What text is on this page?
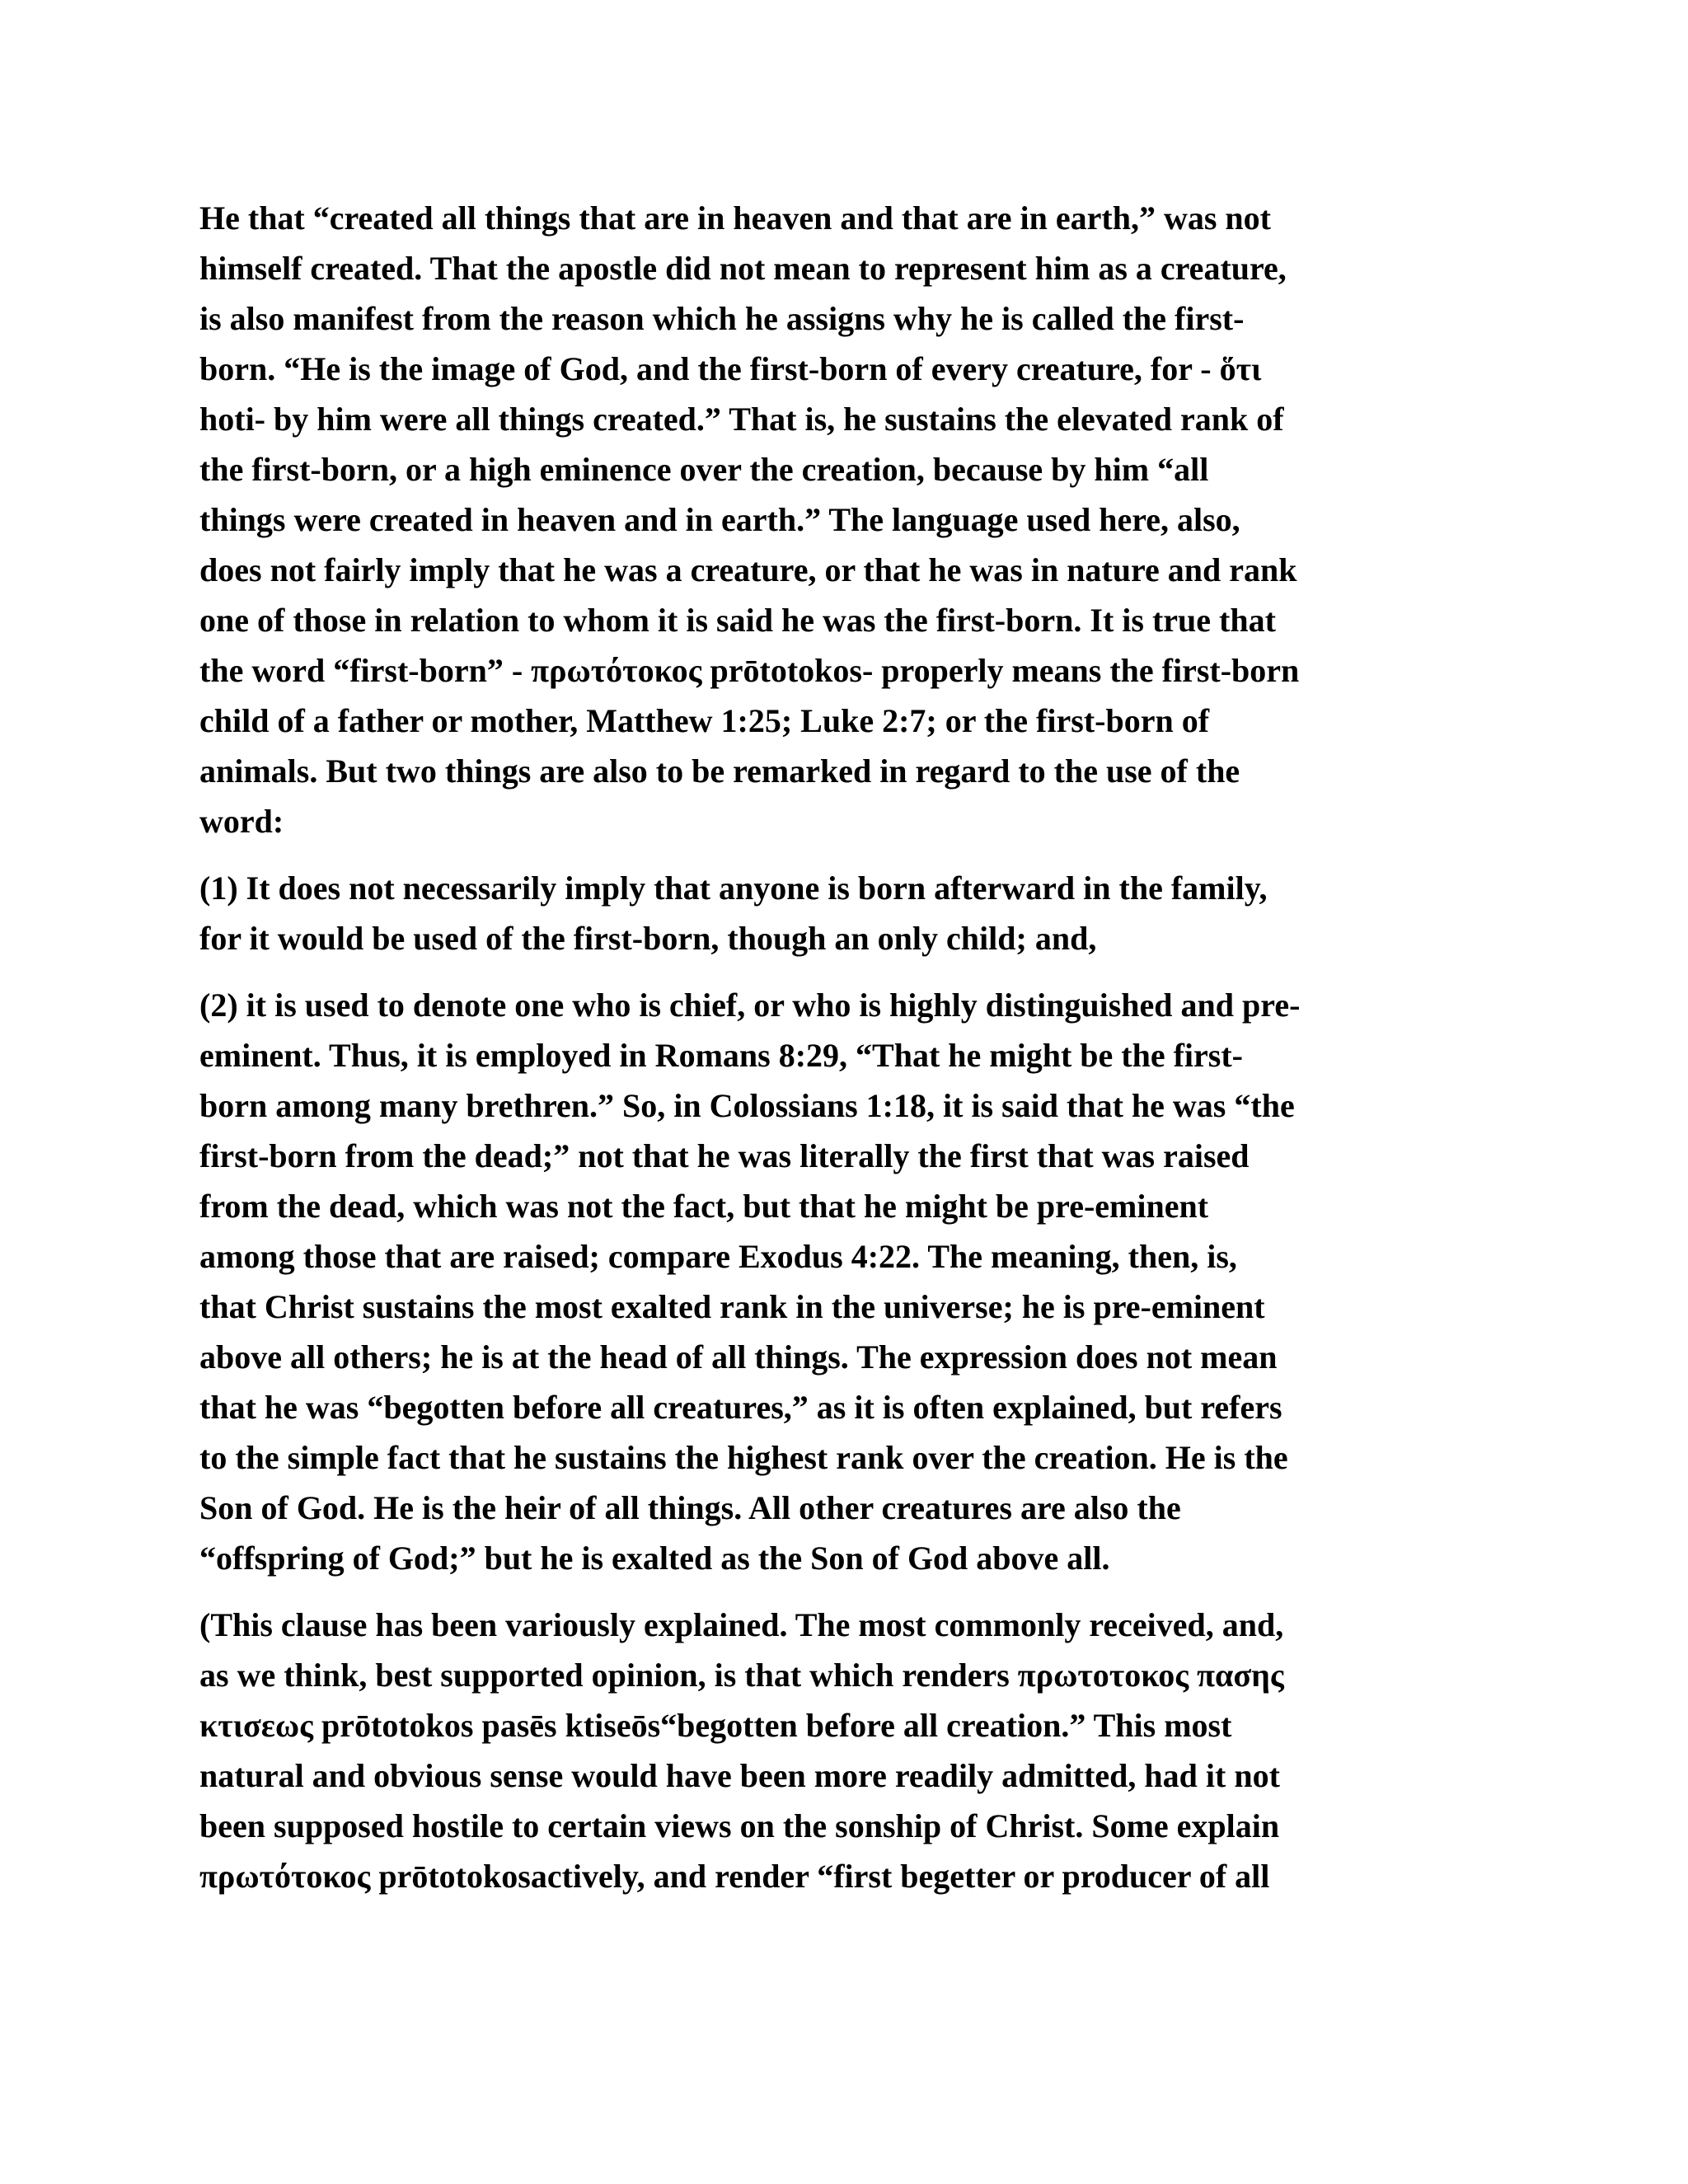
He that “created all things that are in heaven and that are in earth,” was not
himself created. That the apostle did not mean to represent him as a creature,
is also manifest from the reason which he assigns why he is called the first-
born. “He is the image of God, and the first-born of every creature, for - ὅτι
hoti- by him were all things created.” That is, he sustains the elevated rank of
the first-born, or a high eminence over the creation, because by him “all
things were created in heaven and in earth.” The language used here, also,
does not fairly imply that he was a creature, or that he was in nature and rank
one of those in relation to whom it is said he was the first-born. It is true that
the word “first-born” - πρωτότοκος prōtotokos- properly means the first-born
child of a father or mother, Matthew 1:25; Luke 2:7; or the first-born of
animals. But two things are also to be remarked in regard to the use of the
word:

(1) It does not necessarily imply that anyone is born afterward in the family,
for it would be used of the first-born, though an only child; and,

(2) it is used to denote one who is chief, or who is highly distinguished and pre-
eminent. Thus, it is employed in Romans 8:29, “That he might be the first-
born among many brethren.” So, in Colossians 1:18, it is said that he was “the
first-born from the dead;” not that he was literally the first that was raised
from the dead, which was not the fact, but that he might be pre-eminent
among those that are raised; compare Exodus 4:22. The meaning, then, is,
that Christ sustains the most exalted rank in the universe; he is pre-eminent
above all others; he is at the head of all things. The expression does not mean
that he was “begotten before all creatures,” as it is often explained, but refers
to the simple fact that he sustains the highest rank over the creation. He is the
Son of God. He is the heir of all things. All other creatures are also the
“offspring of God;” but he is exalted as the Son of God above all.

(This clause has been variously explained. The most commonly received, and,
as we think, best supported opinion, is that which renders πρωτοτοκος πασης
κτισεως prōtotokos pasēs ktiseōs“begotten before all creation.” This most
natural and obvious sense would have been more readily admitted, had it not
been supposed hostile to certain views on the sonship of Christ. Some explain
πρωτότοκος prōtotokosactively, and render “first begetter or producer of all
